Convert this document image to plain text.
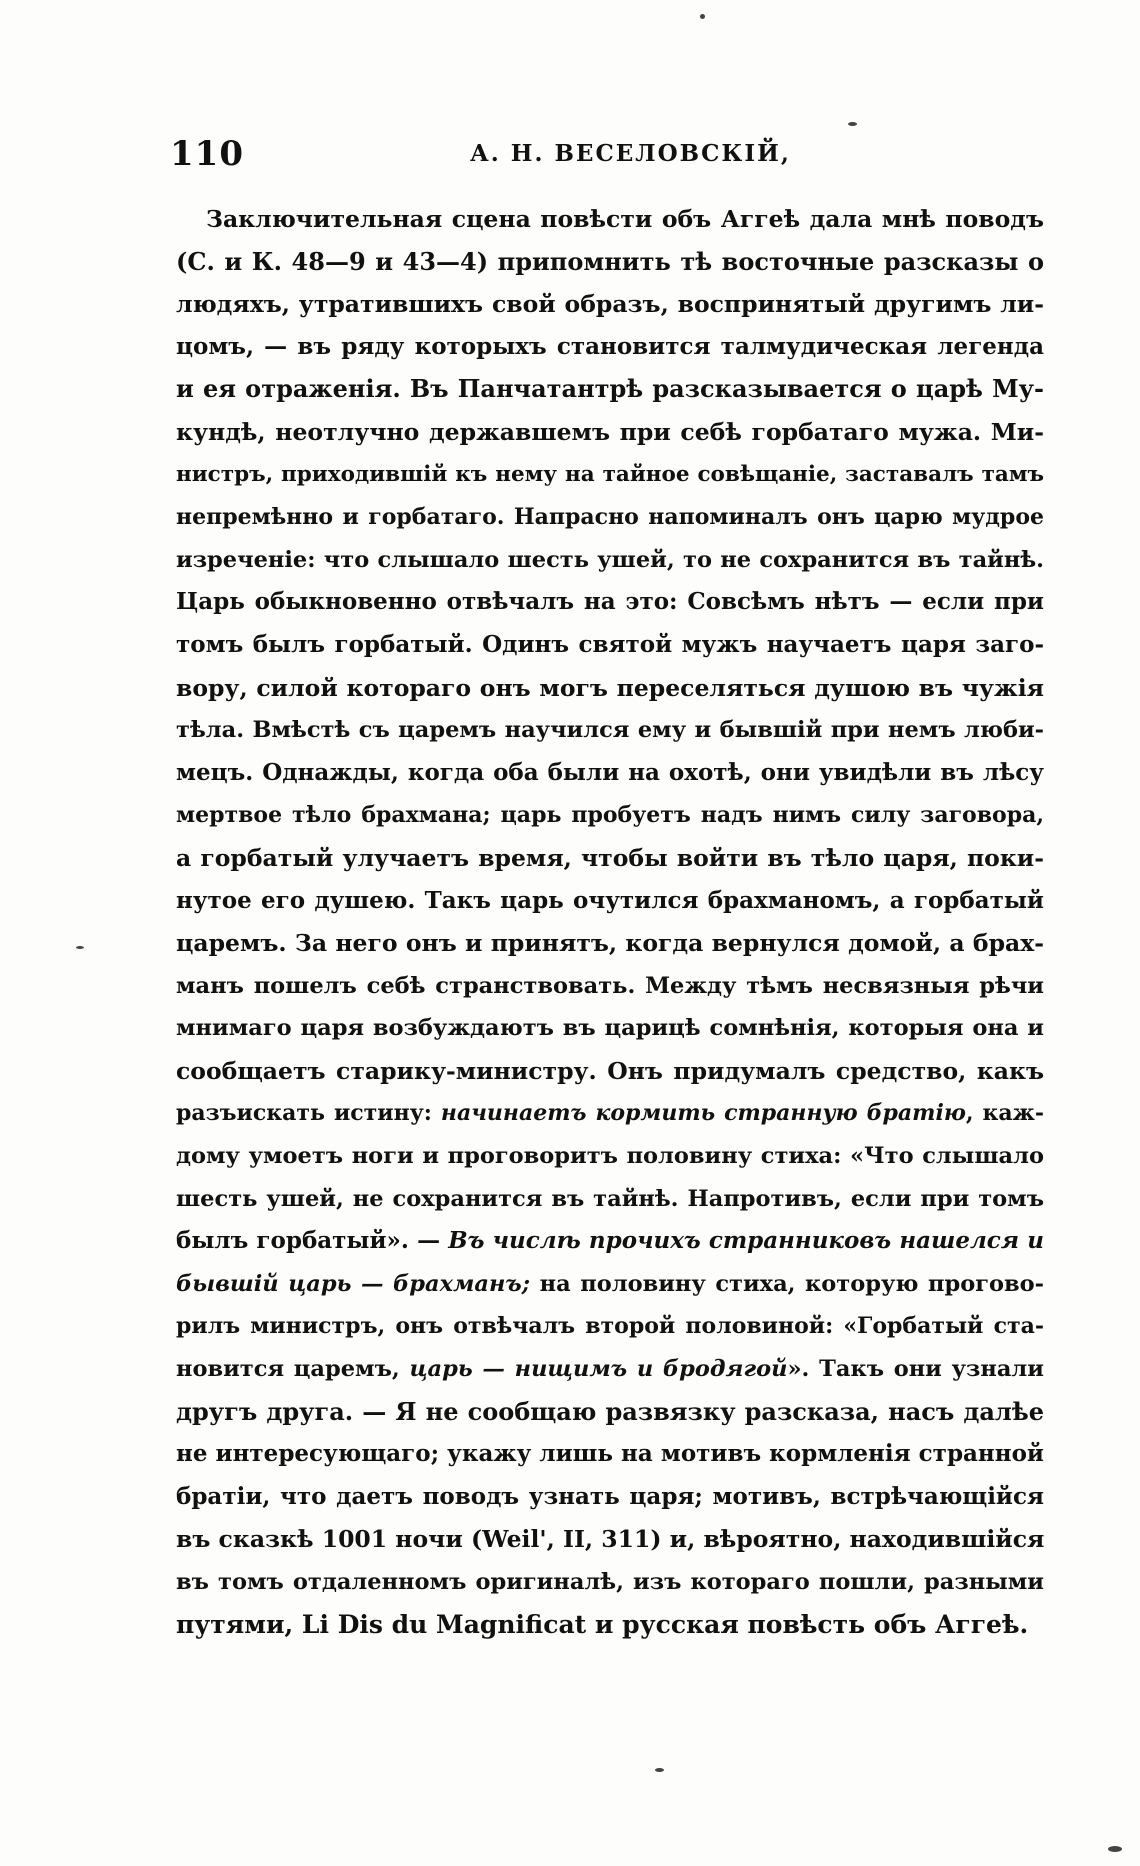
110	А. Н. ВЕСЕЛОВСКІЙ,
Заключительная сцена повѣсти объ Аггеѣ дала мнѣ поводъ
(С. и К. 48—9 и 43—4) припомнить тѣ восточные разсказы о
людяхъ, утратившихъ свой образъ, воспринятый другимъ ли-
цомъ, — въ ряду которыхъ становится талмудическая легенда
и ея отраженія. Въ Панчатантрѣ разсказывается о царѣ Му-
кундѣ, неотлучно державшемъ при себѣ горбатаго мужа. Ми-
нистръ, приходившій къ нему на тайное совѣщаніе, заставалъ тамъ
непремѣнно и горбатаго. Напрасно напоминалъ онъ царю мудрое
изреченіе: что слышало шесть ушей, то не сохранится въ тайнѣ.
Царь обыкновенно отвѣчалъ на это: Совсѣмъ нѣтъ — если при
томъ былъ горбатый. Одинъ святой мужъ научаетъ царя заго-
вору, силой котораго онъ могъ переселяться душою въ чужія
тѣла. Вмѣстѣ съ царемъ научился ему и бывшій при немъ люби-
мецъ. Однажды, когда оба были на охотѣ, они увидѣли въ лѣсу
мертвое тѣло брахмана; царь пробуетъ надъ нимъ силу заговора,
а горбатый улучаетъ время, чтобы войти въ тѣло царя, поки-
нутое его душею. Такъ царь очутился брахманомъ, а горбатый
царемъ. За него онъ и принятъ, когда вернулся домой, а брах-
манъ пошелъ себѣ странствовать. Между тѣмъ несвязныя рѣчи
мнимаго царя возбуждаютъ въ царицѣ сомнѣнія, которыя она и
сообщаетъ старику-министру. Онъ придумалъ средство, какъ
разъискать истину: начинаетъ кормить странную братію, каж-
дому умоетъ ноги и проговоритъ половину стиха: «Что слышало
шесть ушей, не сохранится въ тайнѣ. Напротивъ, если при томъ
былъ горбатый». — Въ числѣ прочихъ странниковъ нашелся и
бывшій царь — брахманъ; на половину стиха, которую прогово-
рилъ министръ, онъ отвѣчалъ второй половиной: «Горбатый ста-
новится царемъ, царь — нищимъ и бродягой». Такъ они узнали
другъ друга. — Я не сообщаю развязку разсказа, насъ далѣе
не интересующаго; укажу лишь на мотивъ кормленія странной
братіи, что даетъ поводъ узнать царя; мотивъ, встрѣчающійся
въ сказкѣ 1001 ночи (Weil', II, 311) и, вѣроятно, находившійся
въ томъ отдаленномъ оригиналѣ, изъ котораго пошли, разными
путями, Li Dis du Magnificat и русская повѣсть объ Аггеѣ.
